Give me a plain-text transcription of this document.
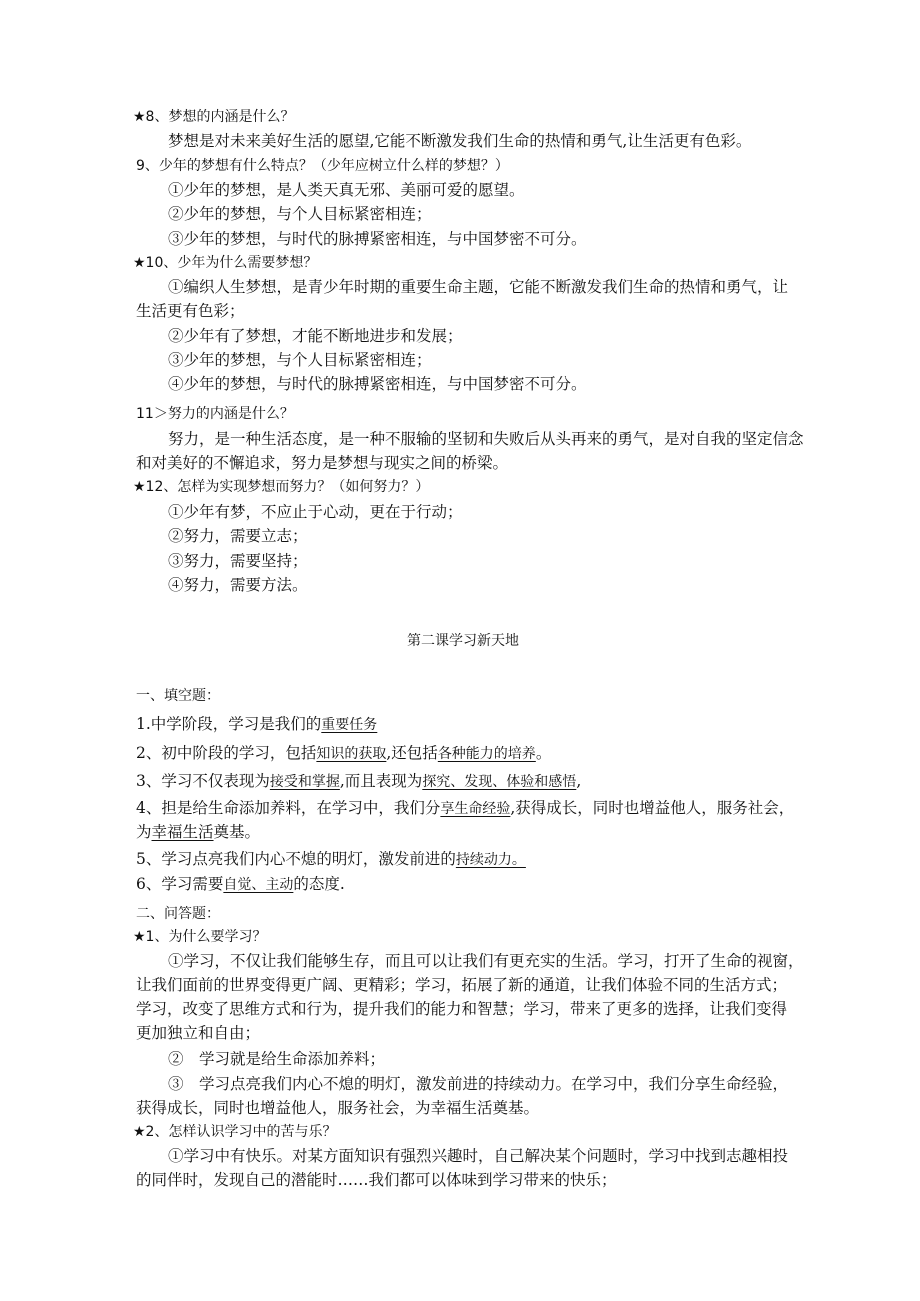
★8、梦想的内涵是什么？
梦想是对未来美好生活的愿望,它能不断激发我们生命的热情和勇气,让生活更有色彩。
9、少年的梦想有什么特点？（少年应树立什么样的梦想？）
①少年的梦想，是人类天真无邪、美丽可爱的愿望。
②少年的梦想，与个人目标紧密相连；
③少年的梦想，与时代的脉搏紧密相连，与中国梦密不可分。
★10、少年为什么需要梦想？
①编织人生梦想，是青少年时期的重要生命主题，它能不断激发我们生命的热情和勇气，让
生活更有色彩；
②少年有了梦想，才能不断地进步和发展；
③少年的梦想，与个人目标紧密相连；
④少年的梦想，与时代的脉搏紧密相连，与中国梦密不可分。
11＞努力的内涵是什么？
努力，是一种生活态度，是一种不服输的坚韧和失败后从头再来的勇气，是对自我的坚定信念
和对美好的不懈追求，努力是梦想与现实之间的桥梁。
★12、怎样为实现梦想而努力？（如何努力？）
①少年有梦，不应止于心动，更在于行动；
②努力，需要立志；
③努力，需要坚持；
④努力，需要方法。
第二课学习新天地
一、填空题：
1.中学阶段，学习是我们的重要任务
2、初中阶段的学习，包括知识的获取,还包括各种能力的培养。
3、学习不仅表现为接受和掌握,而且表现为探究、发现、体验和感悟,
4、担是给生命添加养料，在学习中，我们分享生命经验,获得成长，同时也增益他人，服务社会，
为幸福生活奠基。
5、学习点亮我们内心不熄的明灯，激发前进的持续动力。
6、学习需要自觉、主动的态度.
二、问答题：
★1、为什么要学习？
①学习，不仅让我们能够生存，而且可以让我们有更充实的生活。学习，打开了生命的视窗，
让我们面前的世界变得更广阔、更精彩；学习，拓展了新的通道，让我们体验不同的生活方式；
学习，改变了思维方式和行为，提升我们的能力和智慧；学习，带来了更多的选择，让我们变得
更加独立和自由；
②　学习就是给生命添加养料；
③　学习点亮我们内心不熄的明灯，激发前进的持续动力。在学习中，我们分享生命经验，
获得成长，同时也增益他人，服务社会，为幸福生活奠基。
★2、怎样认识学习中的苦与乐？
①学习中有快乐。对某方面知识有强烈兴趣时，自己解决某个问题时，学习中找到志趣相投
的同伴时，发现自己的潜能时……我们都可以体味到学习带来的快乐；
